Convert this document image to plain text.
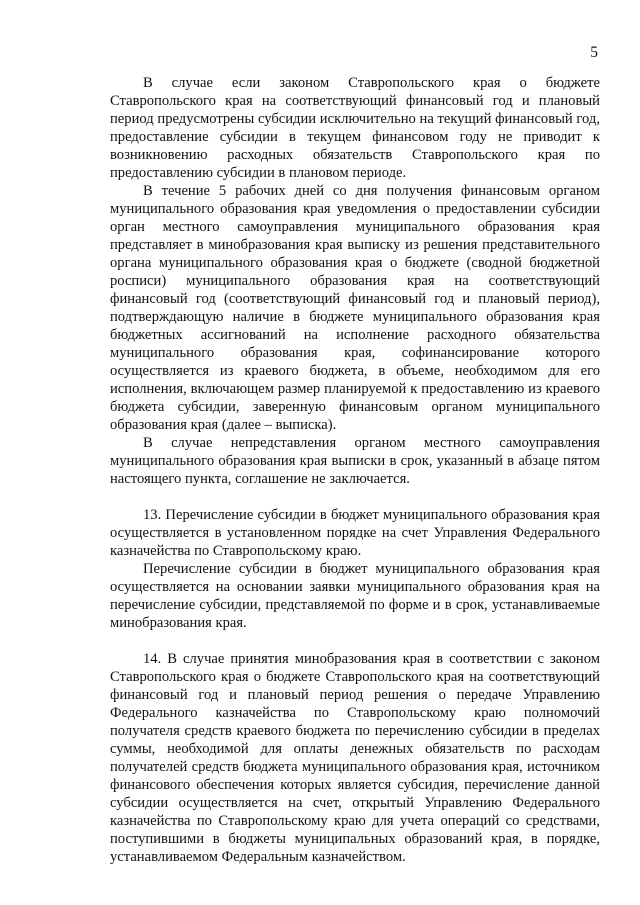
5

В случае если законом Ставропольского края о бюджете Ставропольского края на соответствующий финансовый год и плановый период предусмотрены субсидии исключительно на текущий финансовый год, предоставление субсидии в текущем финансовом году не приводит к возникновению расходных обязательств Ставропольского края по предоставлению субсидии в плановом периоде.

В течение 5 рабочих дней со дня получения финансовым органом муниципального образования края уведомления о предоставлении субсидии орган местного самоуправления муниципального образования края представляет в минобразования края выписку из решения представительного органа муниципального образования края о бюджете (сводной бюджетной росписи) муниципального образования края на соответствующий финансовый год (соответствующий финансовый год и плановый период), подтверждающую наличие в бюджете муниципального образования края бюджетных ассигнований на исполнение расходного обязательства муниципального образования края, софинансирование которого осуществляется из краевого бюджета, в объеме, необходимом для его исполнения, включающем размер планируемой к предоставлению из краевого бюджета субсидии, заверенную финансовым органом муниципального образования края (далее – выписка).

В случае непредставления органом местного самоуправления муниципального образования края выписки в срок, указанный в абзаце пятом настоящего пункта, соглашение не заключается.

13. Перечисление субсидии в бюджет муниципального образования края осуществляется в установленном порядке на счет Управления Федерального казначейства по Ставропольскому краю.

Перечисление субсидии в бюджет муниципального образования края осуществляется на основании заявки муниципального образования края на перечисление субсидии, представляемой по форме и в срок, устанавливаемые минобразования края.

14. В случае принятия минобразования края в соответствии с законом Ставропольского края о бюджете Ставропольского края на соответствующий финансовый год и плановый период решения о передаче Управлению Федерального казначейства по Ставропольскому краю полномочий получателя средств краевого бюджета по перечислению субсидии в пределах суммы, необходимой для оплаты денежных обязательств по расходам получателей средств бюджета муниципального образования края, источником финансового обеспечения которых является субсидия, перечисление данной субсидии осуществляется на счет, открытый Управлению Федерального казначейства по Ставропольскому краю для учета операций со средствами, поступившими в бюджеты муниципальных образований края, в порядке, устанавливаемом Федеральным казначейством.
